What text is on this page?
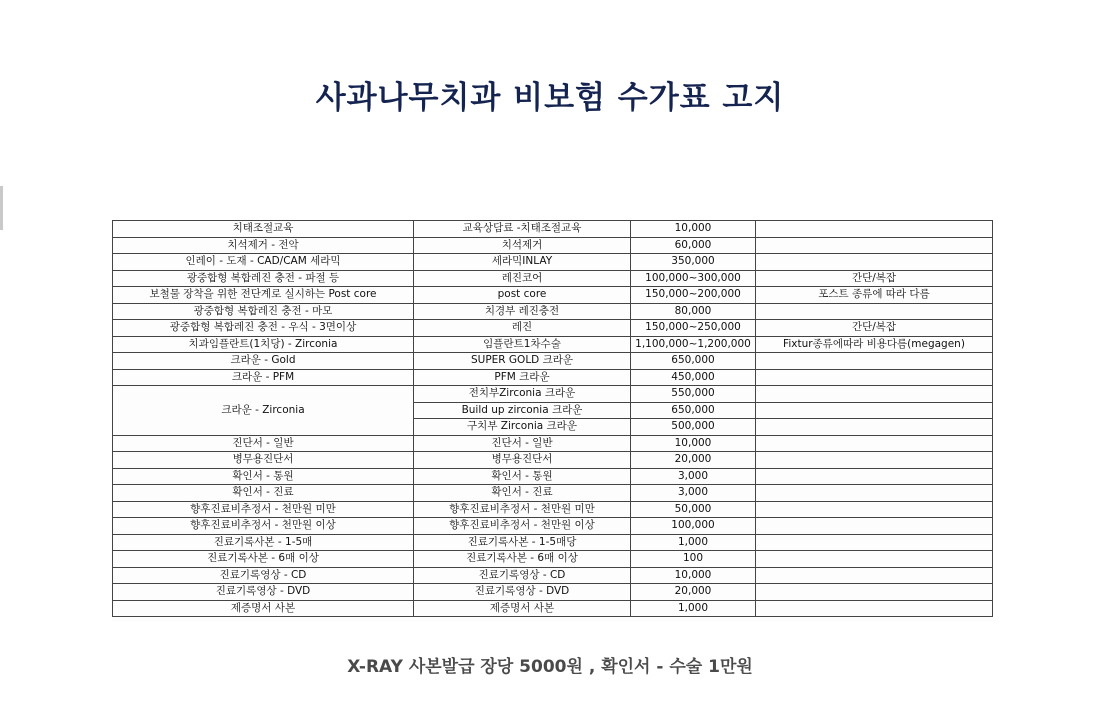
사과나무치과 비보험 수가표 고지
치태조절교육	교육상담료 -치태조절교육	10,000	
치석제거 - 전악	치석제거	60,000	
인레이 - 도재 - CAD/CAM 세라믹	세라믹INLAY	350,000	
광중합형 복합레진 충전 - 파절 등	레진코어	100,000~300,000	간단/복잡
보철물 장착을 위한 전단계로 실시하는 Post core	post core	150,000~200,000	포스트 종류에 따라 다름
광중합형 복합레진 충전 - 마모	치경부 레진충전	80,000	
광중합형 복합레진 충전 - 우식 - 3면이상	레진	150,000~250,000	간단/복잡
치과임플란트(1치당) - Zirconia	임플란트1차수술	1,100,000~1,200,000	Fixtur종류에따라 비용다름(megagen)
크라운 - Gold	SUPER GOLD 크라운	650,000	
크라운 - PFM	PFM 크라운	450,000	
크라운 - Zirconia	전치부Zirconia 크라운	550,000	
	Build up zirconia 크라운	650,000	
	구치부 Zirconia 크라운	500,000	
진단서 - 일반	진단서 - 일반	10,000	
병무용진단서	병무용진단서	20,000	
확인서 - 통원	확인서 - 통원	3,000	
확인서 - 진료	확인서 - 진료	3,000	
향후진료비추정서 - 천만원 미만	향후진료비추정서 - 천만원 미만	50,000	
향후진료비추정서 - 천만원 이상	향후진료비추정서 - 천만원 이상	100,000	
진료기록사본 - 1-5매	진료기록사본 - 1-5매당	1,000	
진료기록사본 - 6매 이상	진료기록사본 - 6매 이상	100	
진료기록영상 - CD	진료기록영상 - CD	10,000	
진료기록영상 - DVD	진료기록영상 - DVD	20,000	
제증명서 사본	제증명서 사본	1,000	
X-RAY 사본발급 장당 5000원 , 확인서 - 수술 1만원
